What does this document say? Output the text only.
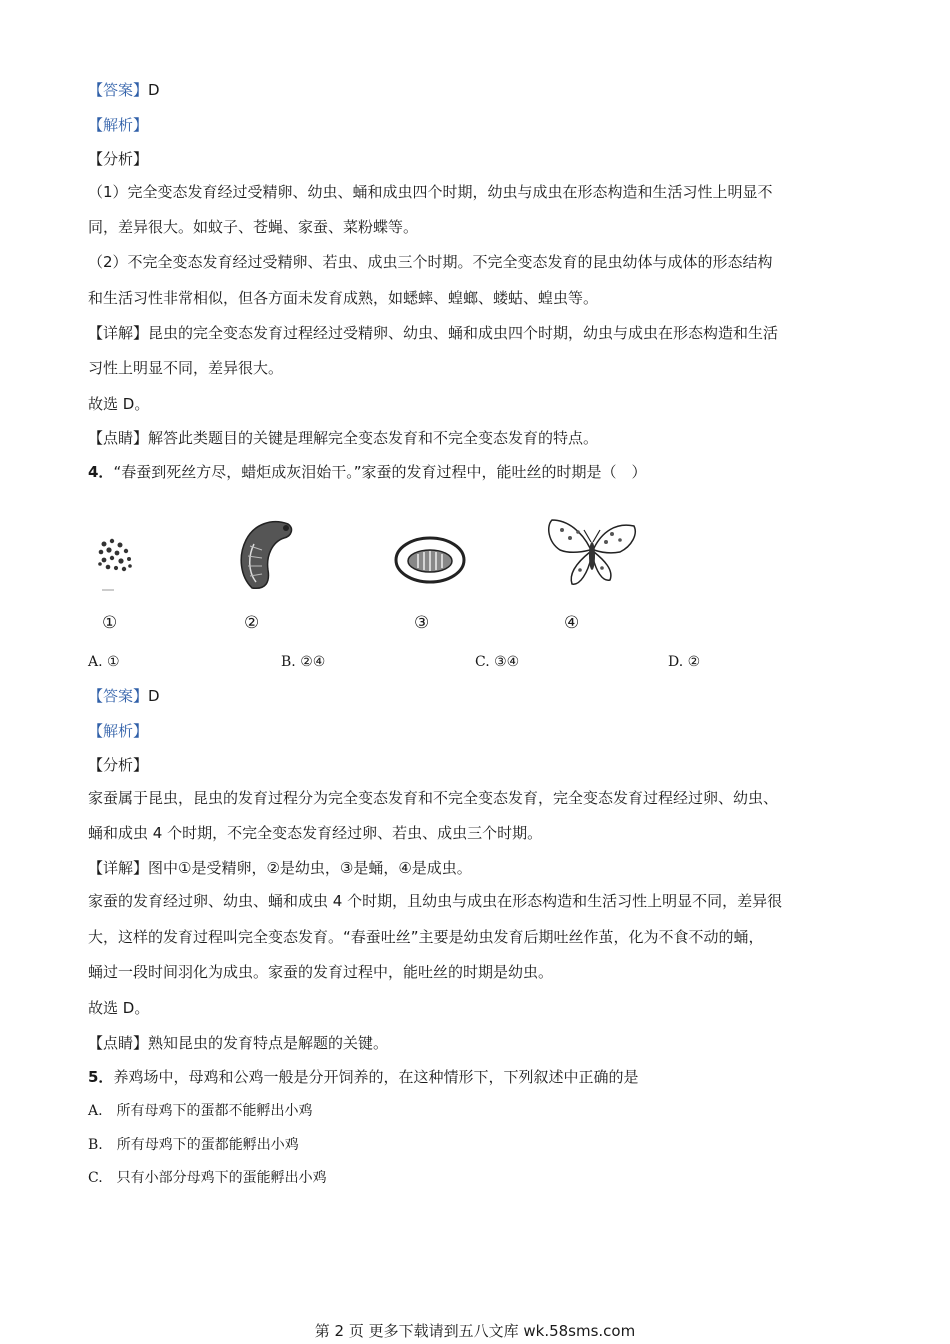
【答案】D
【解析】
【分析】
（1）完全变态发育经过受精卵、幼虫、蛹和成虫四个时期，幼虫与成虫在形态构造和生活习性上明显不
同，差异很大。如蚊子、苍蝇、家蚕、菜粉蝶等。
（2）不完全变态发育经过受精卵、若虫、成虫三个时期。不完全变态发育的昆虫幼体与成体的形态结构
和生活习性非常相似，但各方面未发育成熟，如蟋蟀、蝗螂、蝼蛄、蝗虫等。
【详解】昆虫的完全变态发育过程经过受精卵、幼虫、蛹和成虫四个时期，幼虫与成虫在形态构造和生活
习性上明显不同，差异很大。
故选 D。
【点睛】解答此类题目的关键是理解完全变态发育和不完全变态发育的特点。
4．“春蚕到死丝方尽，蜡炬成灰泪始干。”家蚕的发育过程中，能吐丝的时期是（　）
①	②	③	④
A. ①	B. ②④	C. ③④	D. ②
【答案】D
【解析】
【分析】
家蚕属于昆虫，昆虫的发育过程分为完全变态发育和不完全变态发育，完全变态发育过程经过卵、幼虫、
蛹和成虫 4 个时期，不完全变态发育经过卵、若虫、成虫三个时期。
【详解】图中①是受精卵，②是幼虫，③是蛹，④是成虫。
家蚕的发育经过卵、幼虫、蛹和成虫 4 个时期，且幼虫与成虫在形态构造和生活习性上明显不同，差异很
大，这样的发育过程叫完全变态发育。“春蚕吐丝”主要是幼虫发育后期吐丝作茧，化为不食不动的蛹，
蛹过一段时间羽化为成虫。家蚕的发育过程中，能吐丝的时期是幼虫。
故选 D。
【点睛】熟知昆虫的发育特点是解题的关键。
5．养鸡场中，母鸡和公鸡一般是分开饲养的，在这种情形下，下列叙述中正确的是
A.　所有母鸡下的蛋都不能孵出小鸡
B.　所有母鸡下的蛋都能孵出小鸡
C.　只有小部分母鸡下的蛋能孵出小鸡
第 2 页 更多下载请到五八文库 wk.58sms.com
